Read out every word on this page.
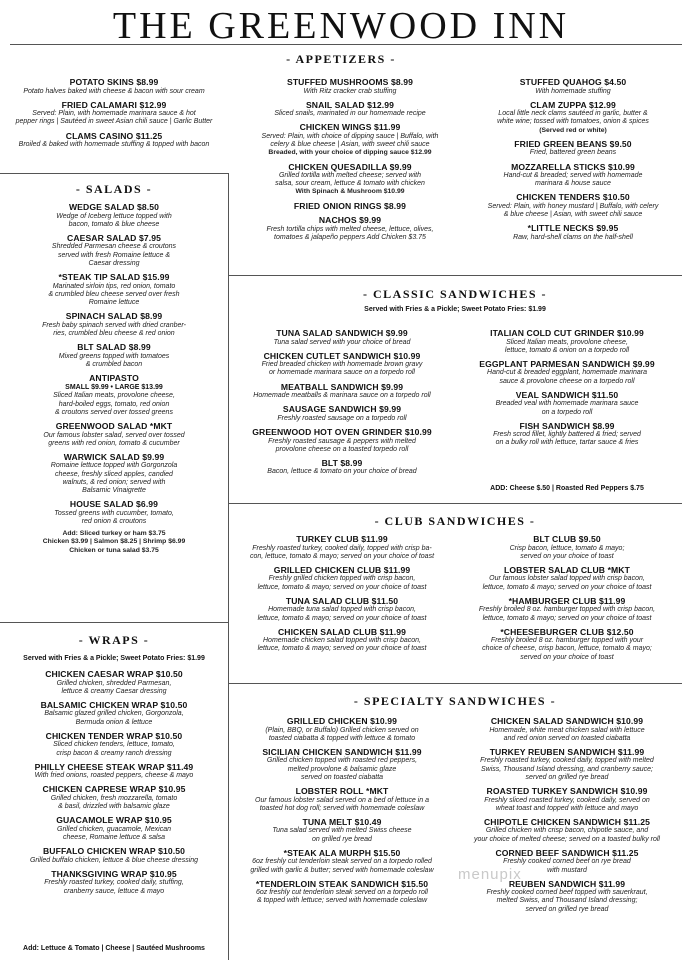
THE GREENWOOD INN
- APPETIZERS -
- SALADS -
- CLASSIC SANDWICHES -
- CLUB SANDWICHES -
- WRAPS -
- SPECIALTY SANDWICHES -
POTATO SKINS $8.99
Potato halves baked with cheese & bacon with sour cream
FRIED CALAMARI $12.99
Served: Plain, with homemade marinara sauce & hot
pepper rings | Sautéed in sweet Asian chili sauce | Garlic Butter
CLAMS CASINO $11.25
Broiled & baked with homemade stuffing & topped with bacon
STUFFED MUSHROOMS $8.99
With Ritz cracker crab stuffing
SNAIL SALAD $12.99
Sliced snails, marinated in our homemade recipe
CHICKEN WINGS $11.99
Served: Plain, with choice of dipping sauce | Buffalo, with
celery & blue cheese | Asian, with sweet chili sauce
Breaded, with your choice of dipping sauce $12.99
CHICKEN QUESADILLA $9.99
Grilled tortilla with melted cheese; served with
salsa, sour cream, lettuce & tomato with chicken
With Spinach & Mushroom $10.99
FRIED ONION RINGS $8.99
NACHOS $9.99
Fresh tortilla chips with melted cheese, lettuce, olives,
tomatoes & jalapeño peppers Add Chicken $3.75
STUFFED QUAHOG $4.50
With homemade stuffing
CLAM ZUPPA $12.99
Local little neck clams sautéed in garlic, butter &
white wine; tossed with tomatoes, onion & spices
(Served red or white)
FRIED GREEN BEANS $9.50
Fried, battered green beans
MOZZARELLA STICKS $10.99
Hand-cut & breaded; served with homemade
marinara & house sauce
CHICKEN TENDERS $10.50
Served: Plain, with honey mustard | Buffalo, with celery
& blue cheese | Asian, with sweet chili sauce
*LITTLE NECKS $9.95
Raw, hard-shell clams on the half-shell
WEDGE SALAD $8.50
Wedge of Iceberg lettuce topped with
bacon, tomato & blue cheese
CAESAR SALAD $7.95
Shredded Parmesan cheese & croutons
served with fresh Romaine lettuce &
Caesar dressing
*STEAK TIP SALAD $15.99
Marinated sirloin tips, red onion, tomato
& crumbled bleu cheese served over fresh
Romaine lettuce
SPINACH SALAD $8.99
Fresh baby spinach served with dried cranber-
ries, crumbled bleu cheese & red onion
BLT SALAD $8.99
Mixed greens topped with tomatoes
& crumbled bacon
ANTIPASTO
SMALL $9.99 • LARGE $13.99
Sliced Italian meats, provolone cheese,
hard-boiled eggs, tomato, red onion
& croutons served over tossed greens
GREENWOOD SALAD *MKT
Our famous lobster salad, served over tossed
greens with red onion, tomato & cucumber
WARWICK SALAD $9.99
Romaine lettuce topped with Gorgonzola
cheese, freshly sliced apples, candied
walnuts, & red onion; served with
Balsamic Vinaigrette
HOUSE SALAD $6.99
Tossed greens with cucumber, tomato,
red onion & croutons
Add: Sliced turkey or ham $3.75
Chicken $3.99 | Salmon $8.25 | Shrimp $6.99
Chicken or tuna salad $3.75
Served with Fries & a Pickle; Sweet Potato Fries: $1.99
CHICKEN CAESAR WRAP $10.50
Grilled chicken, shredded Parmesan,
lettuce & creamy Caesar dressing
BALSAMIC CHICKEN WRAP $10.50
Balsamic glazed grilled chicken, Gorgonzola,
Bermuda onion & lettuce
CHICKEN TENDER WRAP $10.50
Sliced chicken tenders, lettuce, tomato,
crisp bacon & creamy ranch dressing
PHILLY CHEESE STEAK WRAP $11.49
With fried onions, roasted peppers, cheese & mayo
CHICKEN CAPRESE WRAP $10.95
Grilled chicken, fresh mozzarella, tomato
& basil, drizzled with balsamic glaze
GUACAMOLE WRAP $10.95
Grilled chicken, guacamole, Mexican
cheese, Romaine lettuce & salsa
BUFFALO CHICKEN WRAP $10.50
Grilled buffalo chicken, lettuce & blue cheese dressing
THANKSGIVING WRAP $10.95
Freshly roasted turkey, cooked daily, stuffing,
cranberry sauce, lettuce & mayo
Add: Lettuce & Tomato | Cheese | Sautéed Mushrooms
Served with Fries & a Pickle; Sweet Potato Fries: $1.99
TUNA SALAD SANDWICH $9.99
Tuna salad served with your choice of bread
CHICKEN CUTLET SANDWICH $10.99
Fried breaded chicken with homemade brown gravy
or homemade marinara sauce on a torpedo roll
MEATBALL SANDWICH $9.99
Homemade meatballs & marinara sauce on a torpedo roll
SAUSAGE SANDWICH $9.99
Freshly roasted sausage on a torpedo roll
GREENWOOD HOT OVEN GRINDER $10.99
Freshly roasted sausage & peppers with melted
provolone cheese on a toasted torpedo roll
BLT $8.99
Bacon, lettuce & tomato on your choice of bread
ITALIAN COLD CUT GRINDER $10.99
Sliced Italian meats, provolone cheese,
lettuce, tomato & onion on a torpedo roll
EGGPLANT PARMESAN SANDWICH $9.99
Hand-cut & breaded eggplant, homemade marinara
sauce & provolone cheese on a torpedo roll
VEAL SANDWICH $11.50
Breaded veal with homemade marinara sauce
on a torpedo roll
FISH SANDWICH $8.99
Fresh scrod fillet, lightly battered & fried; served
on a bulky roll with lettuce, tartar sauce & fries
ADD: Cheese $.50 | Roasted Red Peppers $.75
TURKEY CLUB $11.99
Freshly roasted turkey, cooked daily, topped with crisp ba-
con, lettuce, tomato & mayo; served on your choice of toast
GRILLED CHICKEN CLUB $11.99
Freshly grilled chicken topped with crisp bacon,
lettuce, tomato & mayo; served on your choice of toast
TUNA SALAD CLUB $11.50
Homemade tuna salad topped with crisp bacon,
lettuce, tomato & mayo; served on your choice of toast
CHICKEN SALAD CLUB $11.99
Homemade chicken salad topped with crisp bacon,
lettuce, tomato & mayo; served on your choice of toast
BLT CLUB $9.50
Crisp bacon, lettuce, tomato & mayo;
served on your choice of toast
LOBSTER SALAD CLUB *MKT
Our famous lobster salad topped with crisp bacon,
lettuce, tomato & mayo; served on your choice of toast
*HAMBURGER CLUB $11.99
Freshly broiled 8 oz. hamburger topped with crisp bacon,
lettuce, tomato & mayo; served on your choice of toast
*CHEESEBURGER CLUB $12.50
Freshly broiled 8 oz. hamburger topped with your
choice of cheese, crisp bacon, lettuce, tomato & mayo;
served on your choice of toast
GRILLED CHICKEN $10.99
(Plain, BBQ, or Buffalo) Grilled chicken served on
toasted ciabatta & topped with lettuce & tomato
SICILIAN CHICKEN SANDWICH $11.99
Grilled chicken topped with roasted red peppers,
melted provolone & balsamic glaze
served on toasted ciabatta
LOBSTER ROLL *MKT
Our famous lobster salad served on a bed of lettuce in a
toasted hot dog roll; served with homemade coleslaw
TUNA MELT $10.49
Tuna salad served with melted Swiss cheese
on grilled rye bread
*STEAK ALA MURPH $15.50
6oz freshly cut tenderloin steak served on a torpedo rolled
grilled with garlic & butter; served with homemade coleslaw
*TENDERLOIN STEAK SANDWICH $15.50
6oz freshly cut tenderloin steak served on a torpedo roll
& topped with lettuce; served with homemade coleslaw
CHICKEN SALAD SANDWICH $10.99
Homemade, white meat chicken salad with lettuce
and red onion served on toasted ciabatta
TURKEY REUBEN SANDWICH $11.99
Freshly roasted turkey, cooked daily, topped with melted
Swiss, Thousand Island dressing, and cranberry sauce;
served on grilled rye bread
ROASTED TURKEY SANDWICH $10.99
Freshly sliced roasted turkey, cooked daily, served on
wheat toast and topped with lettuce and mayo
CHIPOTLE CHICKEN SANDWICH $11.25
Grilled chicken with crisp bacon, chipotle sauce, and
your choice of melted cheese; served on a toasted bulky roll
CORNED BEEF SANDWICH $11.25
Freshly cooked corned beef on rye bread
with mustard
REUBEN SANDWICH $11.99
Freshly cooked corned beef topped with sauerkraut,
melted Swiss, and Thousand Island dressing;
served on grilled rye bread
menupix
